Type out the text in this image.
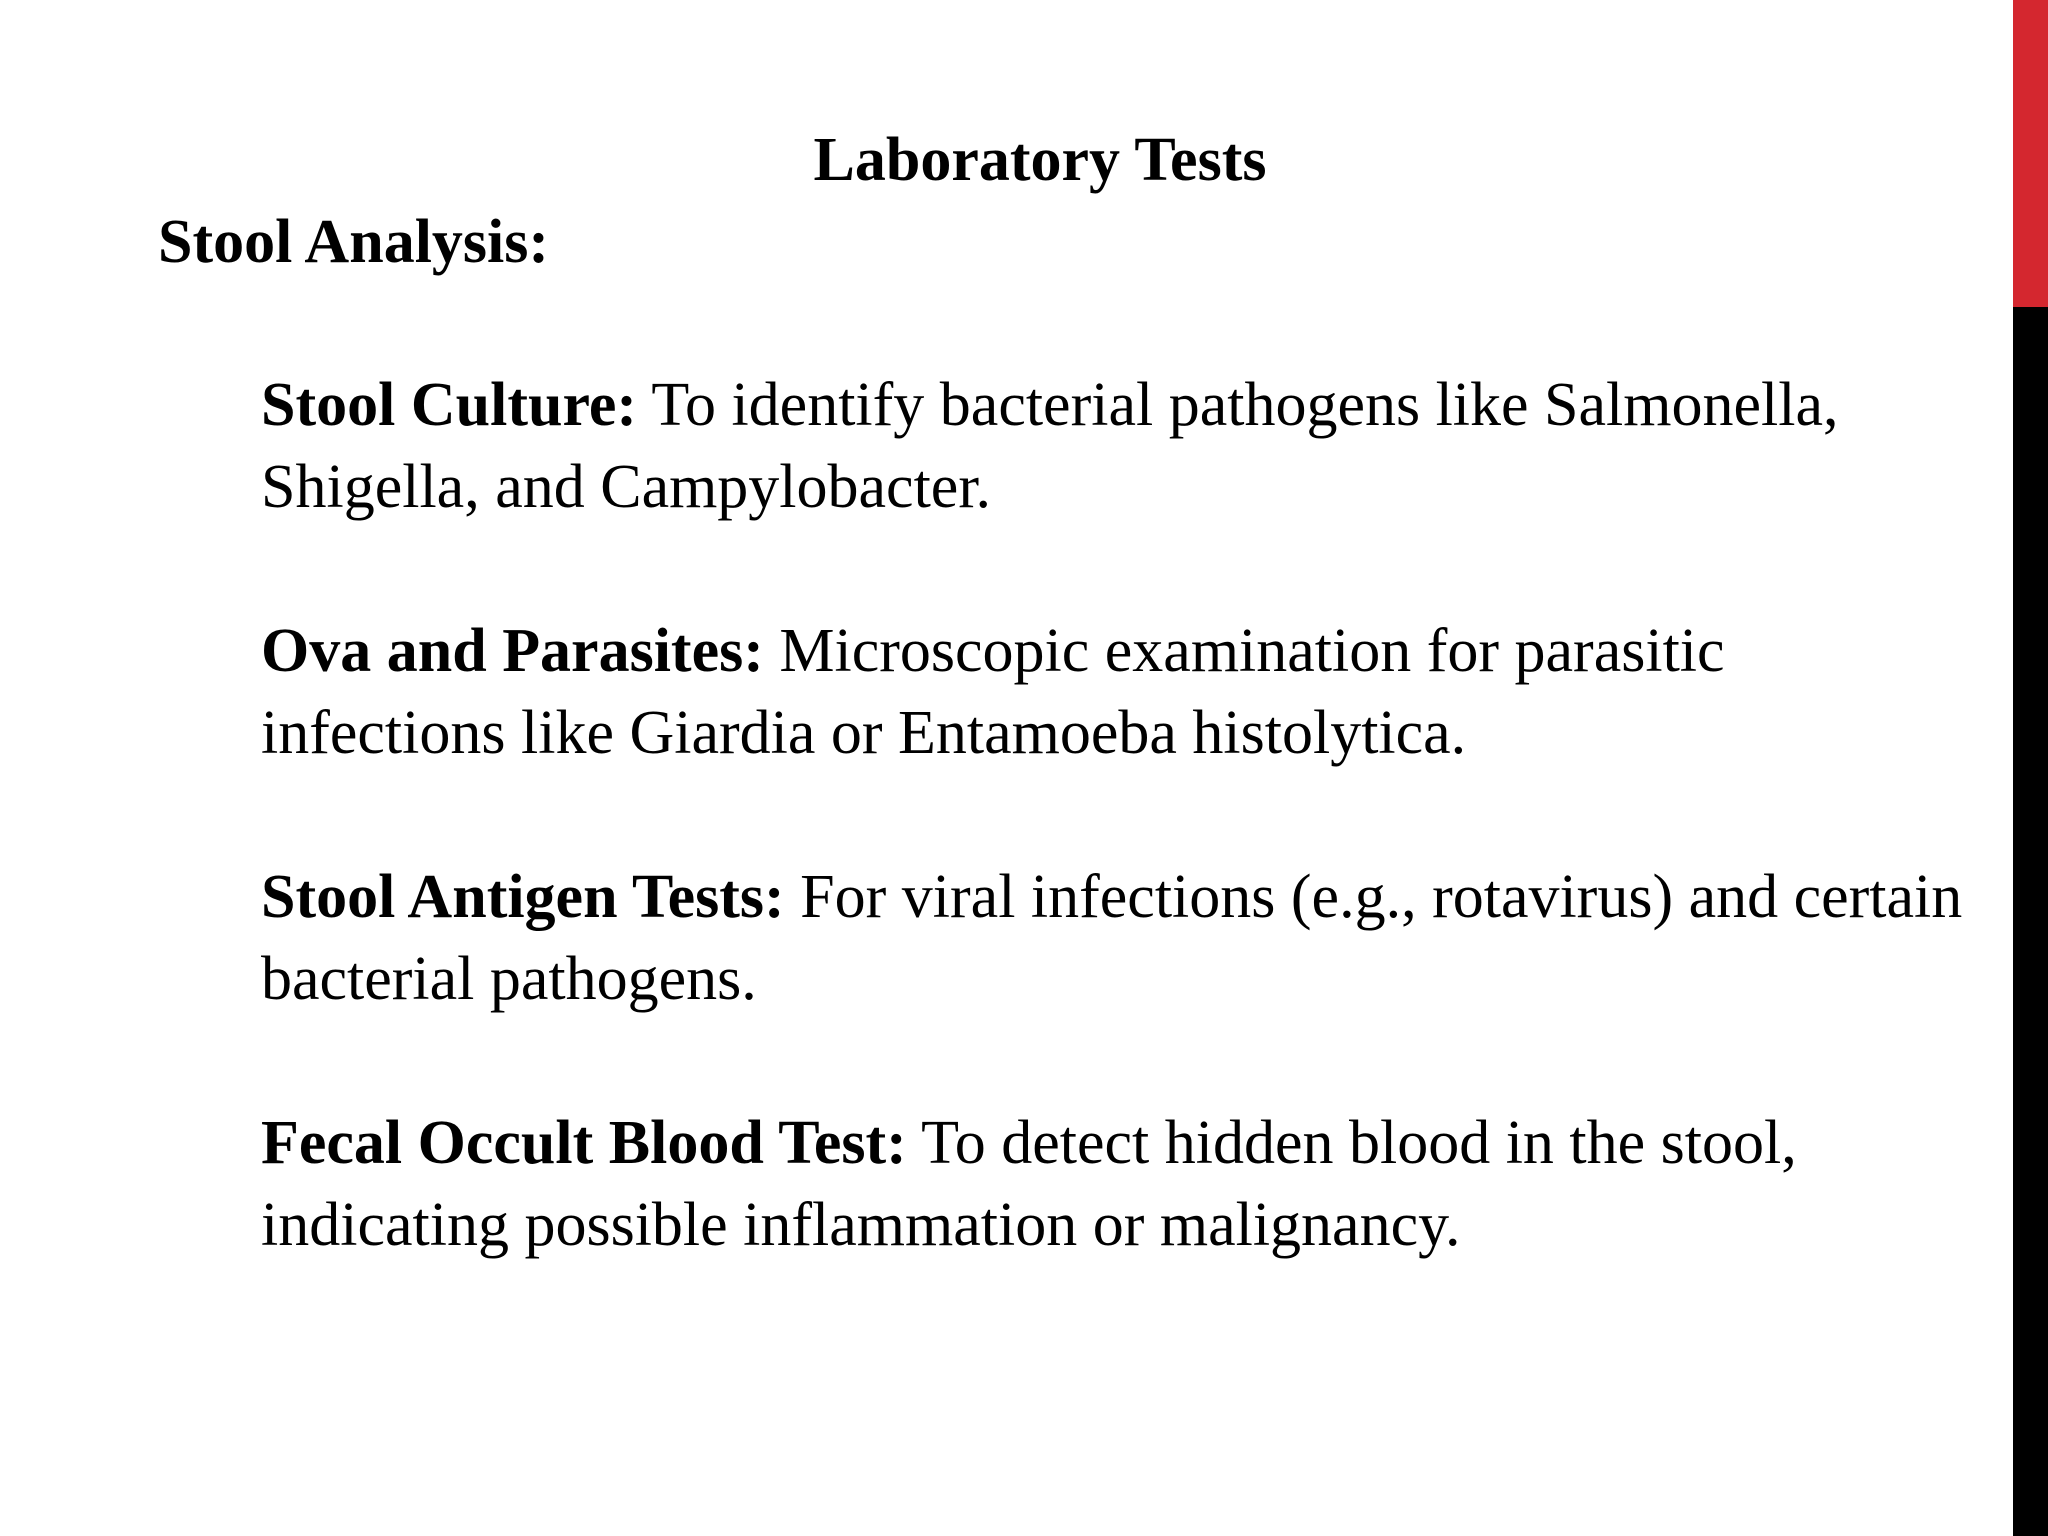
Laboratory Tests
Stool Analysis:

Stool Culture: To identify bacterial pathogens like Salmonella, Shigella, and Campylobacter.

Ova and Parasites: Microscopic examination for parasitic infections like Giardia or Entamoeba histolytica.

Stool Antigen Tests: For viral infections (e.g., rotavirus) and certain bacterial pathogens.

Fecal Occult Blood Test: To detect hidden blood in the stool, indicating possible inflammation or malignancy.
